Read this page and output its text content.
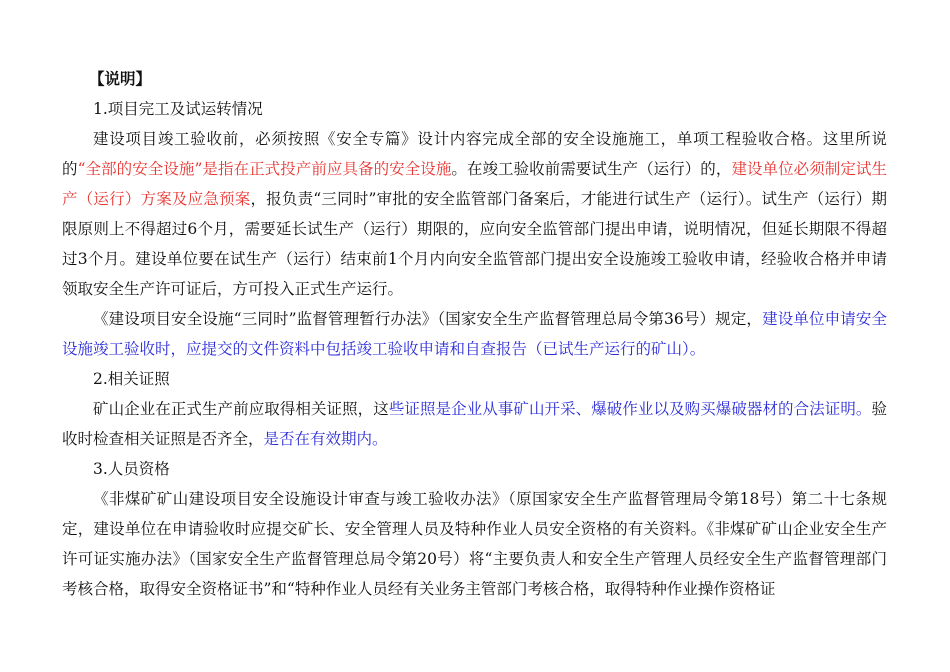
【说明】

1.项目完工及试运转情况

建设项目竣工验收前，必须按照《安全专篇》设计内容完成全部的安全设施施工，单项工程验收合格。这里所说的“全部的安全设施”是指在正式投产前应具备的安全设施。在竣工验收前需要试生产（运行）的，建设单位必须制定试生产（运行）方案及应急预案，报负责“三同时”审批的安全监管部门备案后，才能进行试生产（运行）。试生产（运行）期限原则上不得超过6个月，需要延长试生产（运行）期限的，应向安全监管部门提出申请，说明情况，但延长期限不得超过3个月。建设单位要在试生产（运行）结束前1个月内向安全监管部门提出安全设施竣工验收申请，经验收合格并申请领取安全生产许可证后，方可投入正式生产运行。

《建设项目安全设施“三同时”监督管理暂行办法》（国家安全生产监督管理总局令第36号）规定，建设单位申请安全设施竣工验收时，应提交的文件资料中包括竣工验收申请和自查报告（已试生产运行的矿山）。

2.相关证照

矿山企业在正式生产前应取得相关证照，这些证照是企业从事矿山开采、爆破作业以及购买爆破器材的合法证明。验收时检查相关证照是否齐全，是否在有效期内。

3.人员资格

《非煤矿矿山建设项目安全设施设计审查与竣工验收办法》（原国家安全生产监督管理局令第18号）第二十七条规定，建设单位在申请验收时应提交矿长、安全管理人员及特种作业人员安全资格的有关资料。《非煤矿矿山企业安全生产许可证实施办法》（国家安全生产监督管理总局令第20号）将“主要负责人和安全生产管理人员经安全生产监督管理部门考核合格，取得安全资格证书”和“特种作业人员经有关业务主管部门考核合格，取得特种作业操作资格证
